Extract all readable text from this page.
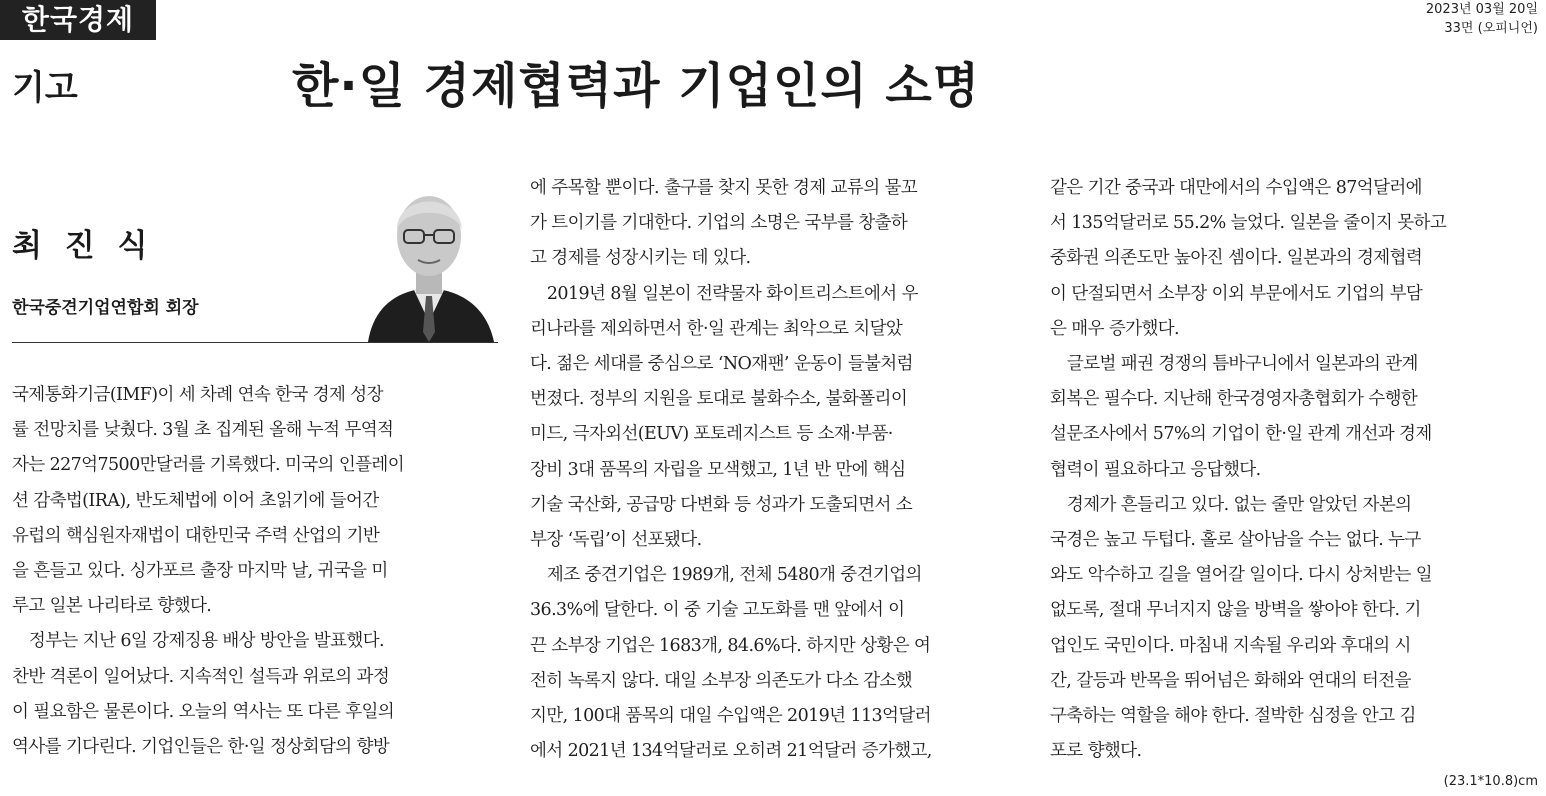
한국경제	2023년 03월 20일
33면 (오피니언)
기고	한·일 경제협력과 기업인의 소명
최 진 식
한국중견기업연합회 회장

국제통화기금(IMF)이 세 차례 연속 한국 경제 성장

률 전망치를 낮췄다. 3월 초 집계된 올해 누적 무역적

자는 227억7500만달러를 기록했다. 미국의 인플레이

션 감축법(IRA), 반도체법에 이어 초읽기에 들어간

유럽의 핵심원자재법이 대한민국 주력 산업의 기반

을 흔들고 있다. 싱가포르 출장 마지막 날, 귀국을 미

루고 일본 나리타로 향했다.

　정부는 지난 6일 강제징용 배상 방안을 발표했다.

찬반 격론이 일어났다. 지속적인 설득과 위로의 과정

이 필요함은 물론이다. 오늘의 역사는 또 다른 후일의

역사를 기다린다. 기업인들은 한·일 정상회담의 향방

에 주목할 뿐이다. 출구를 찾지 못한 경제 교류의 물꼬

가 트이기를 기대한다. 기업의 소명은 국부를 창출하

고 경제를 성장시키는 데 있다.

　2019년 8월 일본이 전략물자 화이트리스트에서 우

리나라를 제외하면서 한·일 관계는 최악으로 치달았

다. 젊은 세대를 중심으로 ‘NO재팬’ 운동이 들불처럼

번졌다. 정부의 지원을 토대로 불화수소, 불화폴리이

미드, 극자외선(EUV) 포토레지스트 등 소재·부품·

장비 3대 품목의 자립을 모색했고, 1년 반 만에 핵심

기술 국산화, 공급망 다변화 등 성과가 도출되면서 소

부장 ‘독립’이 선포됐다.

　제조 중견기업은 1989개, 전체 5480개 중견기업의

36.3%에 달한다. 이 중 기술 고도화를 맨 앞에서 이

끈 소부장 기업은 1683개, 84.6%다. 하지만 상황은 여

전히 녹록지 않다. 대일 소부장 의존도가 다소 감소했

지만, 100대 품목의 대일 수입액은 2019년 113억달러

에서 2021년 134억달러로 오히려 21억달러 증가했고,

같은 기간 중국과 대만에서의 수입액은 87억달러에

서 135억달러로 55.2% 늘었다. 일본을 줄이지 못하고

중화권 의존도만 높아진 셈이다. 일본과의 경제협력

이 단절되면서 소부장 이외 부문에서도 기업의 부담

은 매우 증가했다.

　글로벌 패권 경쟁의 틈바구니에서 일본과의 관계

회복은 필수다. 지난해 한국경영자총협회가 수행한

설문조사에서 57%의 기업이 한·일 관계 개선과 경제

협력이 필요하다고 응답했다.

　경제가 흔들리고 있다. 없는 줄만 알았던 자본의

국경은 높고 두텁다. 홀로 살아남을 수는 없다. 누구

와도 악수하고 길을 열어갈 일이다. 다시 상처받는 일

없도록, 절대 무너지지 않을 방벽을 쌓아야 한다. 기

업인도 국민이다. 마침내 지속될 우리와 후대의 시

간, 갈등과 반목을 뛰어넘은 화해와 연대의 터전을

구축하는 역할을 해야 한다. 절박한 심정을 안고 김

포로 향했다.

(23.1*10.8)cm
